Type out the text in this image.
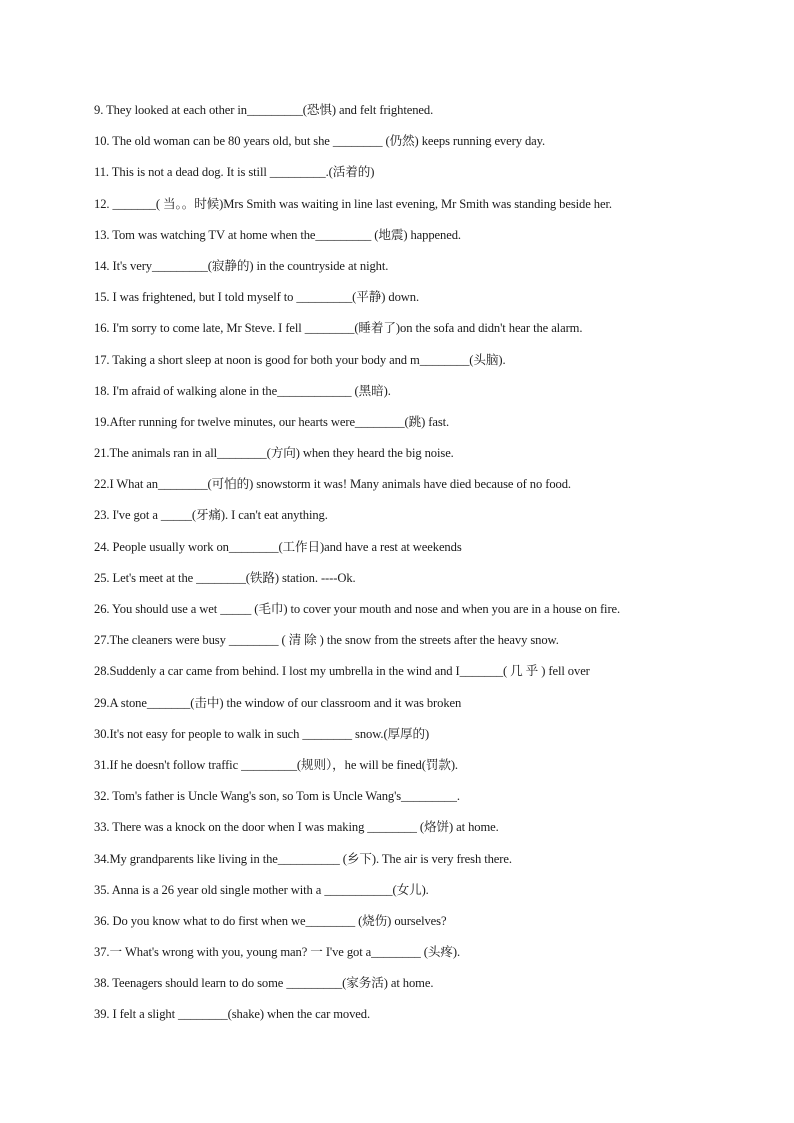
9. They looked at each other in_________(恐惧) and felt frightened.
10. The old woman can be 80 years old, but she ________ (仍然) keeps running every day.
11. This is not a dead dog. It is still _________.(活着的)
12. _______( 当。。时候)Mrs Smith was waiting in line last evening, Mr Smith was standing beside her.
13. Tom was watching TV at home when the_________ (地震) happened.
14. It's very_________(寂静的) in the countryside at night.
15. I was frightened, but I told myself to _________(平静) down.
16. I'm sorry to come late, Mr Steve. I fell ________(睡着了)on the sofa and didn't hear the alarm.
17. Taking a short sleep at noon is good for both your body and m________(头脑).
18. I'm afraid of walking alone in the____________ (黑暗).
19.After running for twelve minutes, our hearts were________(跳) fast.
21.The animals ran in all________(方向) when they heard the big noise.
22.I What an________(可怕的) snowstorm it was! Many animals have died because of no food.
23. I've got a _____(牙痛). I can't eat anything.
24. People usually work on________(工作日)and have a rest at weekends
25. Let's meet at the ________(铁路) station. ----Ok.
26. You should use a wet _____ (毛巾) to cover your mouth and nose and when you are in a house on fire.
27.The cleaners were busy ________ ( 清 除 ) the snow from the streets after the heavy snow.
28.Suddenly a car came from behind. I lost my umbrella in the wind and I_______( 几 乎 ) fell over
29.A stone_______(击中) the window of our classroom and it was broken
30.It's not easy for people to walk in such ________ snow.(厚厚的)
31.If he doesn't follow traffic _________(规则），he will be fined(罚款).
32. Tom's father is Uncle Wang's son, so Tom is Uncle Wang's_________.
33. There was a knock on the door when I was making ________ (烙饼) at home.
34.My grandparents like living in the__________ (乡下). The air is very fresh there.
35. Anna is a 26 year old single mother with a ___________(女儿).
36. Do you know what to do first when we________ (烧伤) ourselves?
37.一 What's wrong with you, young man? 一 I've got a________ (头疼).
38. Teenagers should learn to do some _________(家务活) at home.
39. I felt a slight ________(shake) when the car moved.
